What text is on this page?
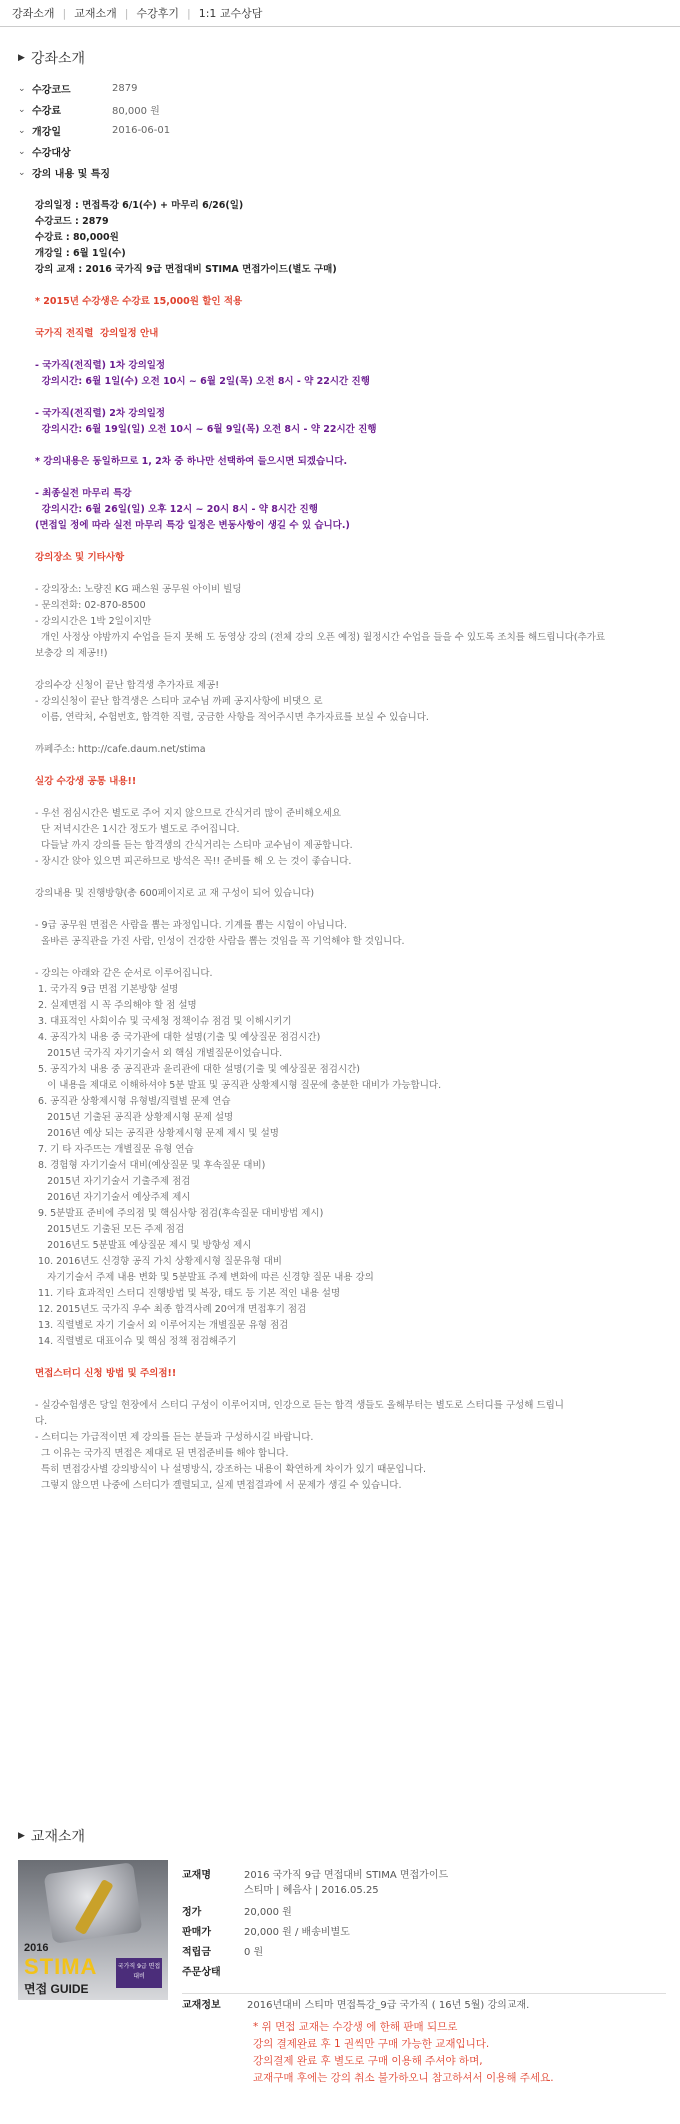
강좌소개 | 교재소개 | 수강후기 | 1:1 교수상담
▶ 강좌소개
⌄ 수강코드	2879
⌄ 수강료	80,000 원
⌄ 개강일	2016-06-01
⌄ 수강대상
⌄ 강의 내용 및 특징
강의일정 : 면접특강 6/1(수) + 마무리 6/26(일)
수강코드 : 2879
수강료 : 80,000원
개강일 : 6월 1일(수)
강의 교재 : 2016 국가직 9급 면접대비 STIMA 면접가이드(별도 구매)
* 2015년 수강생은 수강료 15,000원 할인 적용
국가직 전직렬  강의일정 안내
- 국가직(전직렬) 1차 강의일정
강의시간: 6월 1일(수) 오전 10시 ~ 6월 2일(목) 오전 8시 - 약 22시간 진행
- 국가직(전직렬) 2차 강의일정
강의시간: 6월 19일(일) 오전 10시 ~ 6월 9일(목) 오전 8시 - 약 22시간 진행
* 강의내용은 동일하므로 1, 2차 중 하나만 선택하여 들으시면 되겠습니다.
- 최종실전 마무리 특강
강의시간: 6월 26일(일) 오후 12시 ~ 20시 8시 - 약 8시간 진행
(면접일 정에 따라 실전 마무리 특강 일정은 변동사항이 생길 수 있 습니다.)
강의장소 및 기타사항
- 강의장소: 노량진 KG 패스원 공무원 아이비 빌딩
- 문의전화: 02-870-8500
- 강의시간은 1박 2일이지만
개인 사정상 야밤까지 수업을 듣지 못해 도 동영상 강의 (전체 강의 오픈 예정) 월정시간 수업을 들을 수 있도록 조치를 해드립니다(추가료
보충강 의 제공!!)
강의수강 신청이 끝난 합격생 추가자료 제공!
- 강의신청이 끝난 합격생은 스티마 교수님 까페 공지사항에 비댓으 로
이름, 연락처, 수험번호, 합격한 직렬, 궁금한 사항을 적어주시면 추가자료를 보실 수 있습니다.
까페주소: http://cafe.daum.net/stima
실강 수강생 공통 내용!!
- 우선 점심시간은 별도로 주어 지지 않으므로 간식거리 많이 준비해오세요
단 저녁시간은 1시간 정도가 별도로 주어집니다.
다들날 까지 강의를 듣는 합격생의 간식거리는 스티마 교수님이 제공합니다.
- 장시간 앉아 있으면 피곤하므로 방석은 꼭!! 준비를 해 오 는 것이 좋습니다.
강의내용 및 진행방향(총 600페이지로 교 재 구성이 되어 있습니다)
- 9급 공무원 면접은 사람을 뽑는 과정입니다. 기계를 뽑는 시험이 아닙니다.
올바른 공직관을 가진 사람, 인성이 건강한 사람을 뽑는 것임을 꼭 기억해야 할 것입니다.
- 강의는 아래와 같은 순서로 이루어집니다.
1. 국가직 9급 면접 기본방향 설명
2. 실제면접 시 꼭 주의해야 할 점 설명
3. 대표적인 사회이슈 및 국세청 정책이슈 점검 및 이해시키기
4. 공직가치 내용 중 국가관에 대한 설명(기출 및 예상질문 점검시간)
2015년 국가직 자기기술서 외 핵심 개별질문이었습니다.
5. 공직가치 내용 중 공직관과 윤리관에 대한 설명(기출 및 예상질문 점검시간)
이 내용을 제대로 이해하셔야 5분 발표 및 공직관 상황제시형 질문에 충분한 대비가 가능합니다.
6. 공직관 상황제시형 유형별/직렬별 문제 연습
2015년 기출된 공직관 상황제시형 문제 설명
2016년 예상 되는 공직관 상황제시형 문제 제시 및 설명
7. 기 타 자주뜨는 개별질문 유형 연습
8. 경험형 자기기술서 대비(예상질문 및 후속질문 대비)
2015년 자기기술서 기출주제 점검
2016년 자기기술서 예상주제 제시
9. 5분발표 준비에 주의점 및 핵심사항 점검(후속질문 대비방법 제시)
2015년도 기출된 모든 주제 점검
2016년도 5분발표 예상질문 제시 및 방향성 제시
10. 2016년도 신경향 공직 가치 상황제시형 질문유형 대비
자기기술서 주제 내용 변화 및 5분발표 주제 변화에 따른 신경향 질문 내용 강의
11. 기타 효과적인 스터디 진행방법 및 복장, 태도 등 기본 적인 내용 설명
12. 2015년도 국가직 우수 최종 합격사례 20여개 면접후기 점검
13. 직렬별로 자기 기술서 외 이루어지는 개별질문 유형 점검
14. 직렬별로 대표이슈 및 핵심 정책 점검해주기
면접스터디 신청 방법 및 주의점!!
- 실강수험생은 당일 현장에서 스터디 구성이 이루어지며, 인강으로 듣는 합격 생들도 올해부터는 별도로 스터디를 구성해 드립니
다.
- 스터디는 가급적이면 제 강의를 듣는 분들과 구성하시길 바랍니다.
그 이유는 국가직 면접은 제대로 된 면접준비를 해야 합니다.
특히 면접강사별 강의방식이 나 설명방식, 강조하는 내용이 확연하게 차이가 있기 때문입니다.
그렇지 않으면 나중에 스터디가 곌렬되고, 실제 면접결과에 서 문제가 생길 수 있습니다.
▶ 교재소개
2016
STIMA
면접 GUIDE
국가직 9급 면접대비
교재명	2016 국가직 9급 면접대비 STIMA 면접가이드
스티마 | 혜음사 | 2016.05.25
정가	20,000 원
판매가	20,000 원 / 배송비별도
적립금	0 원
주문상태
교재정보	2016년대비 스티마 면접특강_9급 국가직 ( 16년 5월) 강의교재.
* 위 면접 교재는 수강생 에 한해 판매 되므로
강의 결제완료 후 1 권씩만 구매 가능한 교재입니다.
강의결제 완료 후 별도로 구매 이용해 주셔야 하며,
교재구매 후에는 강의 취소 불가하오니 참고하셔서 이용해 주세요.
